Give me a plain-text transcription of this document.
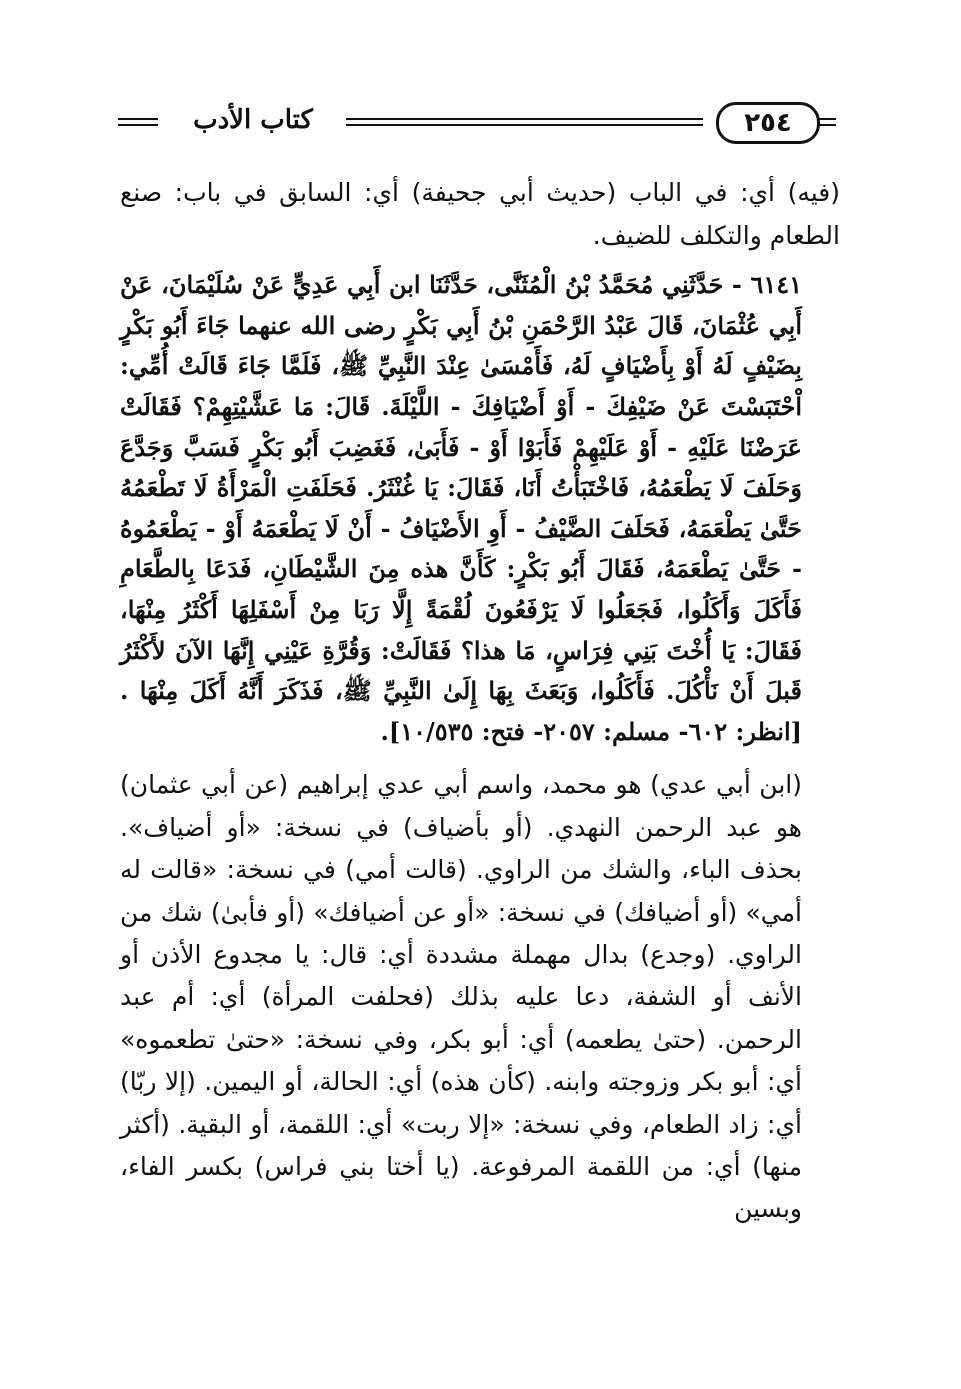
كتاب الأدب	٢٥٤

(فيه) أي: في الباب (حديث أبي جحيفة) أي: السابق في باب: صنع الطعام والتكلف للضيف.

٦١٤١ - حَدَّثَنِي مُحَمَّدُ بْنُ الْمُثَنَّى، حَدَّثَنَا ابن أَبِي عَدِيٍّ عَنْ سُلَيْمَانَ، عَنْ أَبِي عُثْمَانَ، قَالَ عَبْدُ الرَّحْمَنِ بْنُ أَبِي بَكْرٍ رضى الله عنهما جَاءَ أَبُو بَكْرٍ بِضَيْفٍ لَهُ أَوْ بِأَضْيَافٍ لَهُ، فَأَمْسَىٰ عِنْدَ النَّبِيِّ ﷺ، فَلَمَّا جَاءَ قَالَتْ أُمِّي: اْحْتَبَسْتَ عَنْ ضَيْفِكَ - أَوْ أَضْيَافِكَ - اللَّيْلَةَ. قَالَ: مَا عَشَّيْتِهِمْ؟ فَقَالَتْ عَرَضْنَا عَلَيْهِ - أَوْ عَلَيْهِمْ فَأَبَوْا أَوْ - فَأَبَىٰ، فَغَضِبَ أَبُو بَكْرٍ فَسَبَّ وَجَدَّعَ وَحَلَفَ لَا يَطْعَمُهُ، فَاخْتَبَأْتُ أَنَا، فَقَالَ: يَا غُنْثَرُ. فَحَلَفَتِ الْمَرْأَةُ لَا تَطْعَمُهُ حَتَّىٰ يَطْعَمَهُ، فَحَلَفَ الضَّيْفُ - أَوِ الأَضْيَافُ - أَنْ لَا يَطْعَمَهُ أَوْ - يَطْعَمُوهُ - حَتَّىٰ يَطْعَمَهُ، فَقَالَ أَبُو بَكْرٍ: كَأَنَّ هذه مِنَ الشَّيْطَانِ، فَدَعَا بِالطَّعَامِ فَأَكَلَ وَأَكَلُوا، فَجَعَلُوا لَا يَرْفَعُونَ لُقْمَةً إِلَّا رَبَا مِنْ أَسْفَلِهَا أَكْثَرُ مِنْهَا، فَقَالَ: يَا أُخْتَ بَنِي فِرَاسٍ، مَا هذا؟ فَقَالَتْ: وَقُرَّةِ عَيْنِي إِنَّهَا الآنَ لأَكْثَرُ قَبلَ أَنْ نَأْكُلَ. فَأَكَلُوا، وَبَعَثَ بِهَا إِلَىٰ النَّبِيِّ ﷺ، فَذَكَرَ أَنَّهُ أَكَلَ مِنْهَا .[انظر: ٦٠٢- مسلم: ٢٠٥٧- فتح: ١٠/٥٣٥].

(ابن أبي عدي) هو محمد، واسم أبي عدي إبراهيم (عن أبي عثمان) هو عبد الرحمن النهدي. (أو بأضياف) في نسخة: «أو أضياف». بحذف الباء، والشك من الراوي. (قالت أمي) في نسخة: «قالت له أمي» (أو أضيافك) في نسخة: «أو عن أضيافك» (أو فأبىٰ) شك من الراوي. (وجدع) بدال مهملة مشددة أي: قال: يا مجدوع الأذن أو الأنف أو الشفة، دعا عليه بذلك (فحلفت المرأة) أي: أم عبد الرحمن. (حتىٰ يطعمه) أي: أبو بكر، وفي نسخة: «حتىٰ تطعموه» أي: أبو بكر وزوجته وابنه. (كأن هذه) أي: الحالة، أو اليمين. (إلا ربّا) أي: زاد الطعام، وفي نسخة: «إلا ربت» أي: اللقمة، أو البقية. (أكثر منها) أي: من اللقمة المرفوعة. (يا أختا بني فراس) بكسر الفاء، وبسين
